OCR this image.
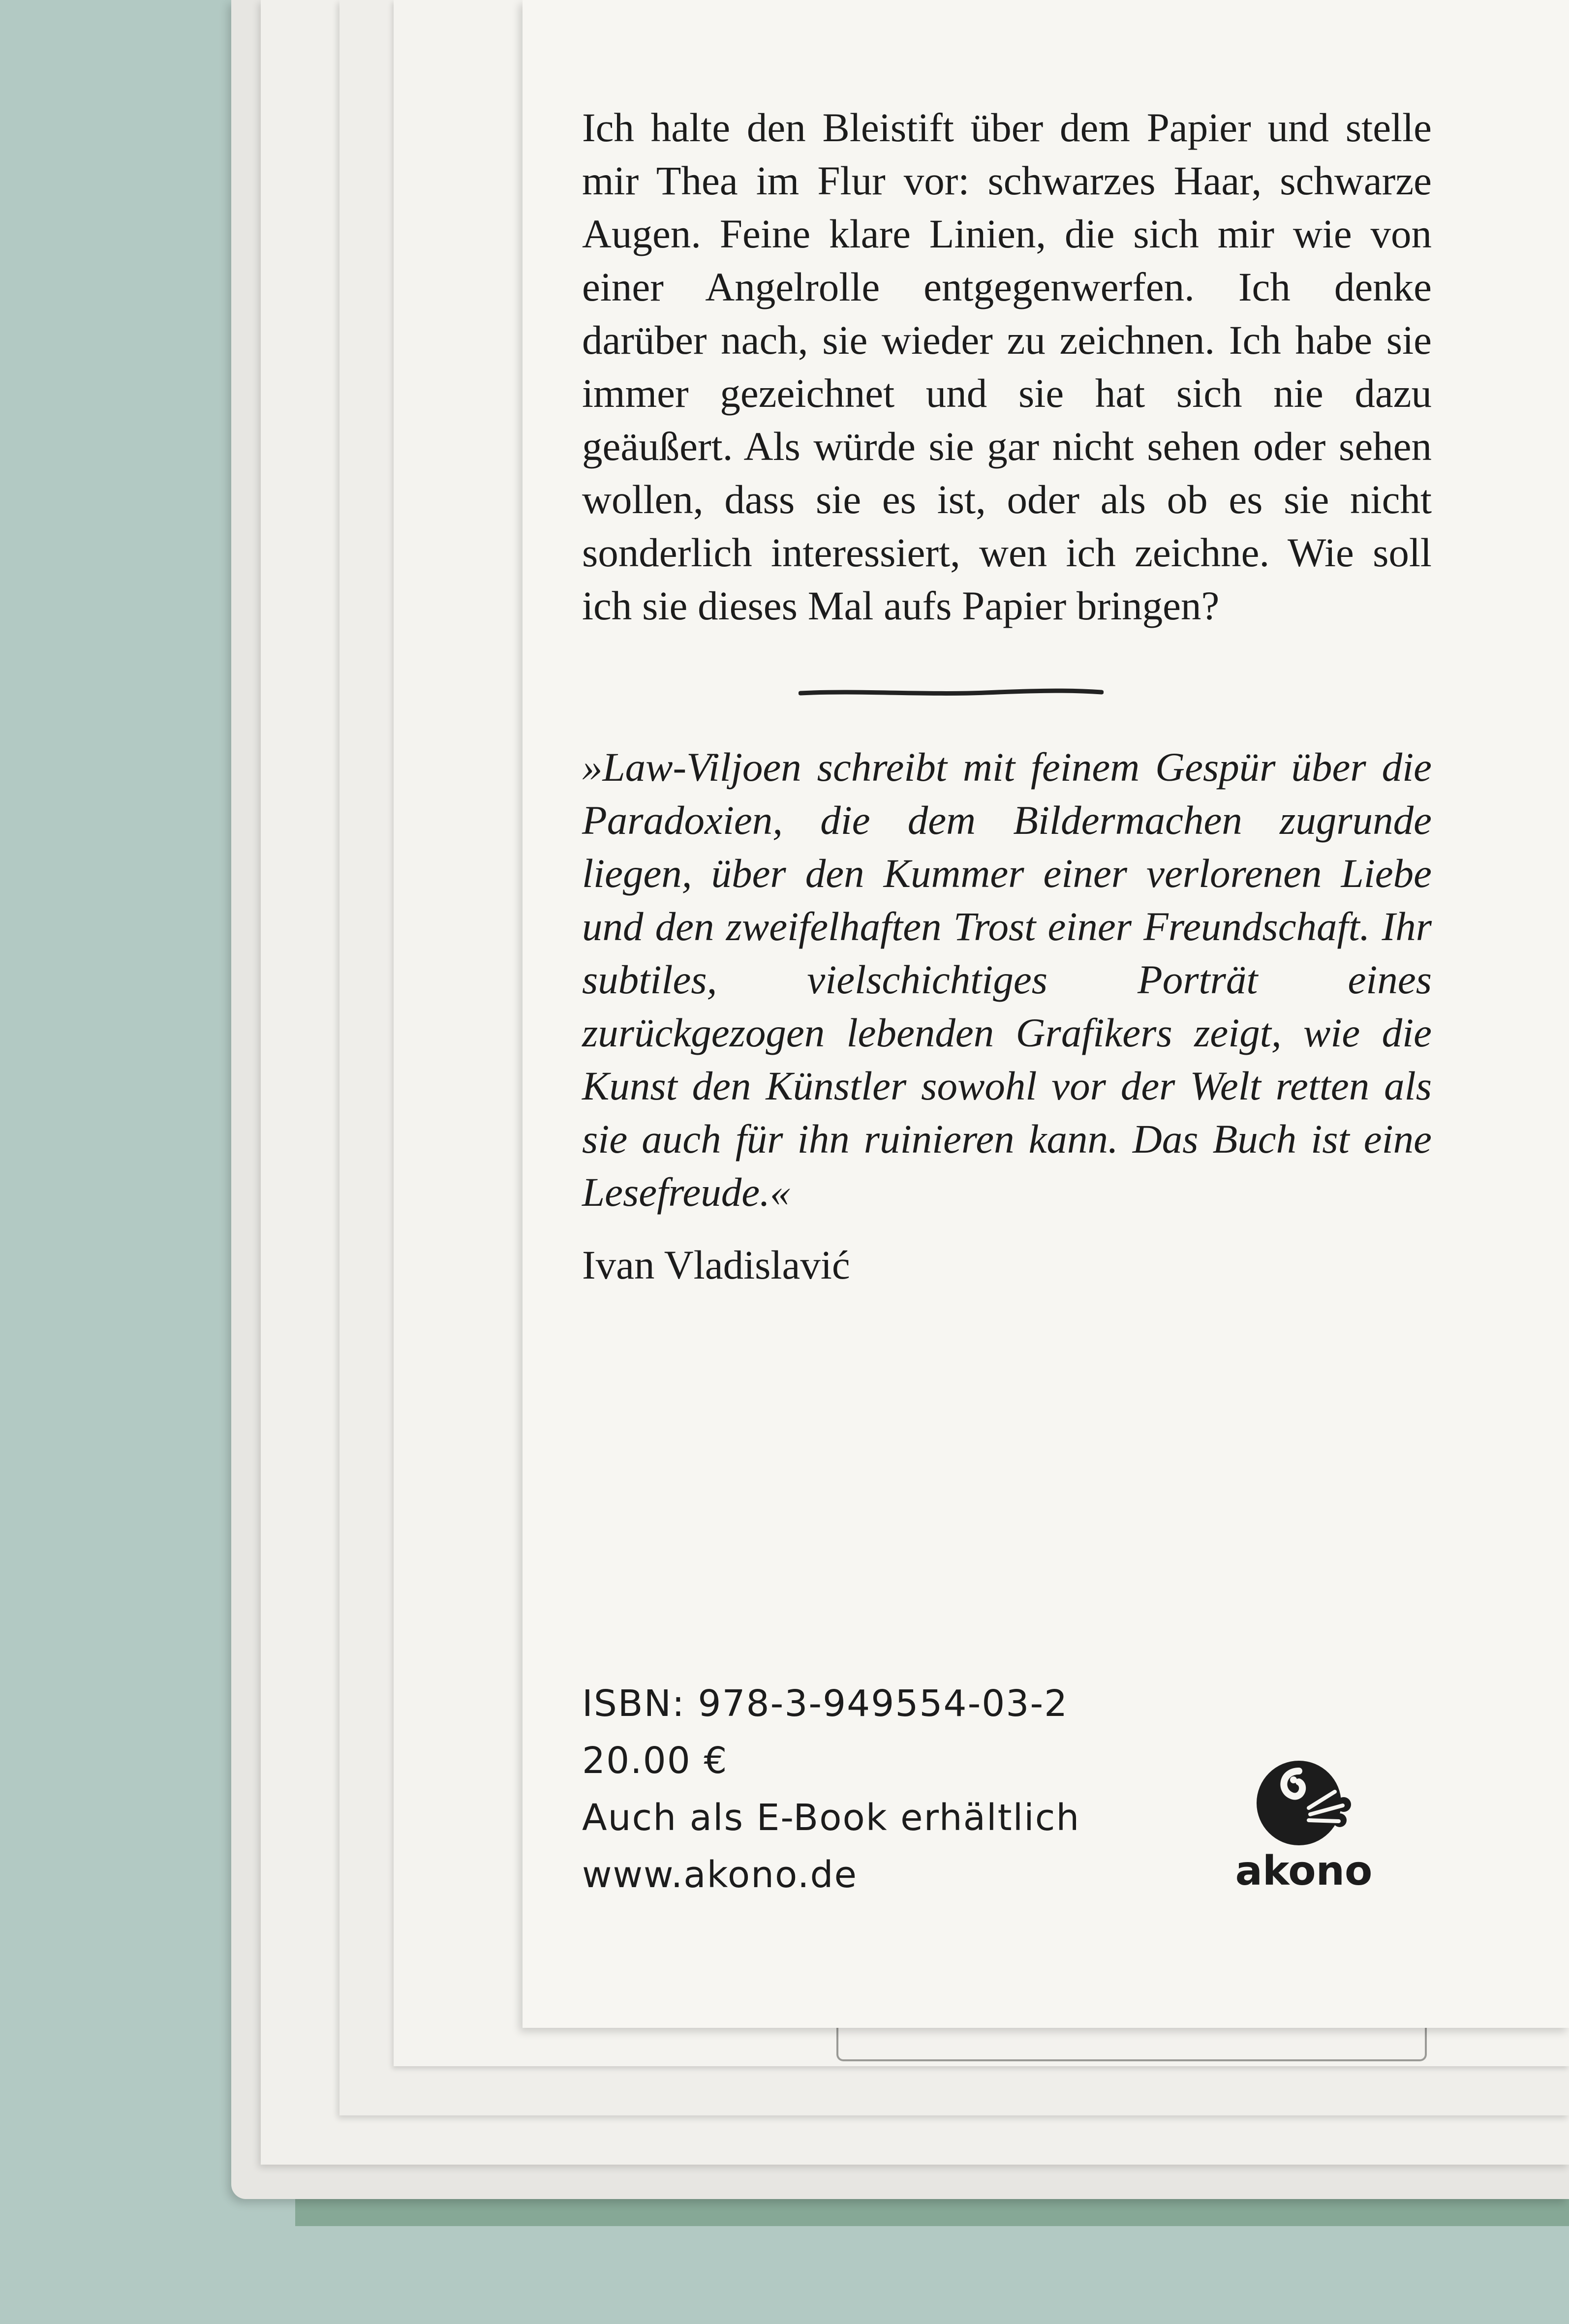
Ich halte den Bleistift über dem Papier und stelle mir Thea im Flur vor: schwarzes Haar, schwarze Augen. Feine klare Linien, die sich mir wie von einer Angelrolle entgegenwerfen. Ich denke darüber nach, sie wieder zu zeichnen. Ich habe sie immer gezeichnet und sie hat sich nie dazu geäußert. Als würde sie gar nicht sehen oder sehen wollen, dass sie es ist, oder als ob es sie nicht sonderlich interessiert, wen ich zeichne. Wie soll ich sie dieses Mal aufs Papier bringen?

»Law-Viljoen schreibt mit feinem Gespür über die Paradoxien, die dem Bildermachen zugrunde liegen, über den Kummer einer verlorenen Liebe und den zweifelhaften Trost einer Freundschaft. Ihr subtiles, vielschichtiges Porträt eines zurückgezogen lebenden Grafikers zeigt, wie die Kunst den Künstler sowohl vor der Welt retten als sie auch für ihn ruinieren kann. Das Buch ist eine Lesefreude.«

Ivan Vladislavić

ISBN: 978-3-949554-03-2
20.00 €
Auch als E-Book erhältlich
www.akono.de	akono
